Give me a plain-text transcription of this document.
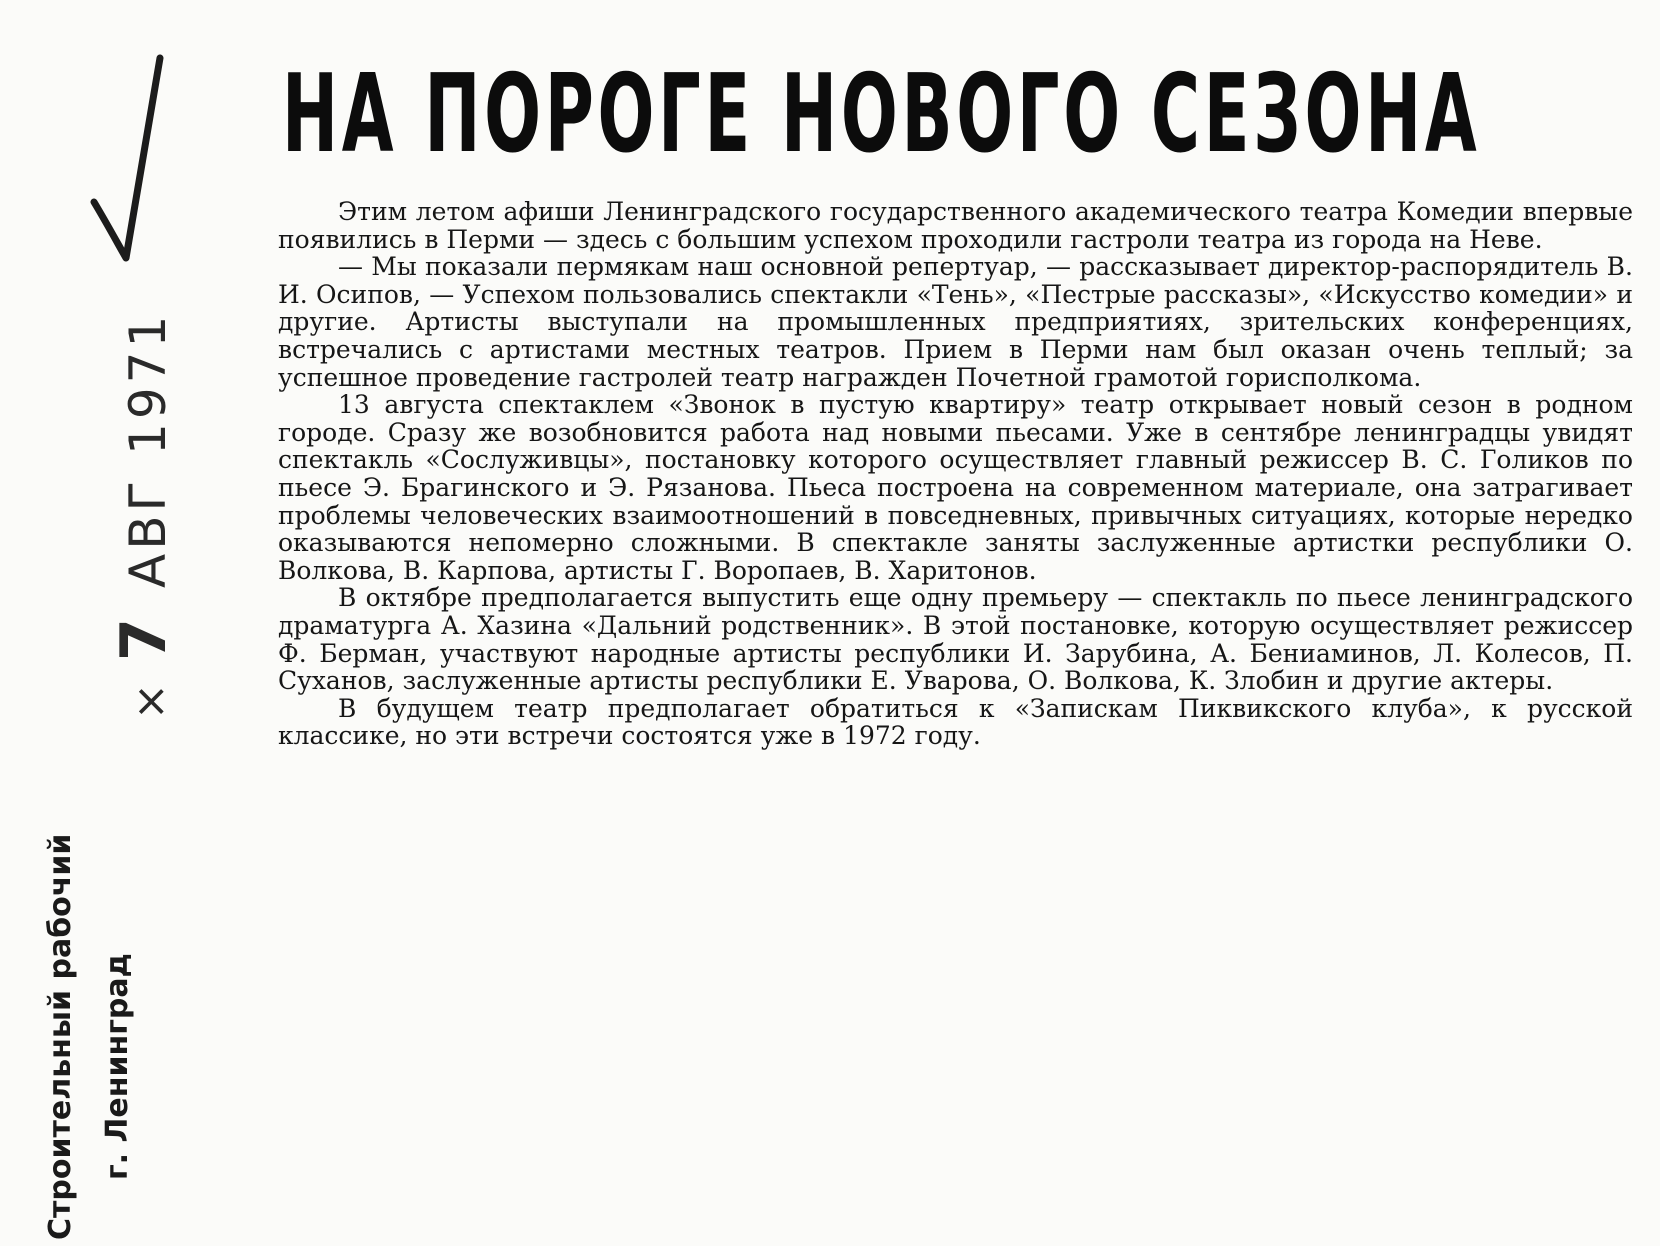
×7АВГ1971
Строительный рабочий г. Ленинград
НА ПОРОГЕ НОВОГО СЕЗОНА

Этим летом афиши Ленинградского государственного академического театра Комедии впервые появились в Перми — здесь с большим успехом проходили гастроли театра из города на Неве.

— Мы показали пермякам наш основной репертуар, — рассказывает директор-распорядитель В. И. Осипов, — Успехом пользовались спектакли «Тень», «Пестрые рассказы», «Искусство комедии» и другие. Артисты выступали на промышленных предприятиях, зрительских конференциях, встречались с артистами местных театров. Прием в Перми нам был оказан очень теплый; за успешное проведение гастролей театр награжден Почетной грамотой горисполкома.

13 августа спектаклем «Звонок в пустую квартиру» театр открывает новый сезон в родном городе. Сразу же возобновится работа над новыми пьесами. Уже в сентябре ленинградцы увидят спектакль «Сослуживцы», постановку которого осуществляет главный режиссер В. С. Голиков по пьесе Э. Брагинского и Э. Рязанова. Пьеса построена на современном материале, она затрагивает проблемы человеческих взаимоотношений в повседневных, привычных ситуациях, которые нередко оказываются непомерно сложными. В спектакле заняты заслуженные артистки республики О. Волкова, В. Карпова, артисты Г. Воропаев, В. Харитонов.

В октябре предполагается выпустить еще одну премьеру — спектакль по пьесе ленинградского драматурга А. Хазина «Дальний родственник». В этой постановке, которую осуществляет режиссер Ф. Берман, участвуют народные артисты республики И. Зарубина, А. Бениаминов, Л. Колесов, П. Суханов, заслуженные артисты республики Е. Уварова, О. Волкова, К. Злобин и другие актеры.

В будущем театр предполагает обратиться к «Запискам Пиквикского клуба», к русской классике, но эти встречи состоятся уже в 1972 году.
